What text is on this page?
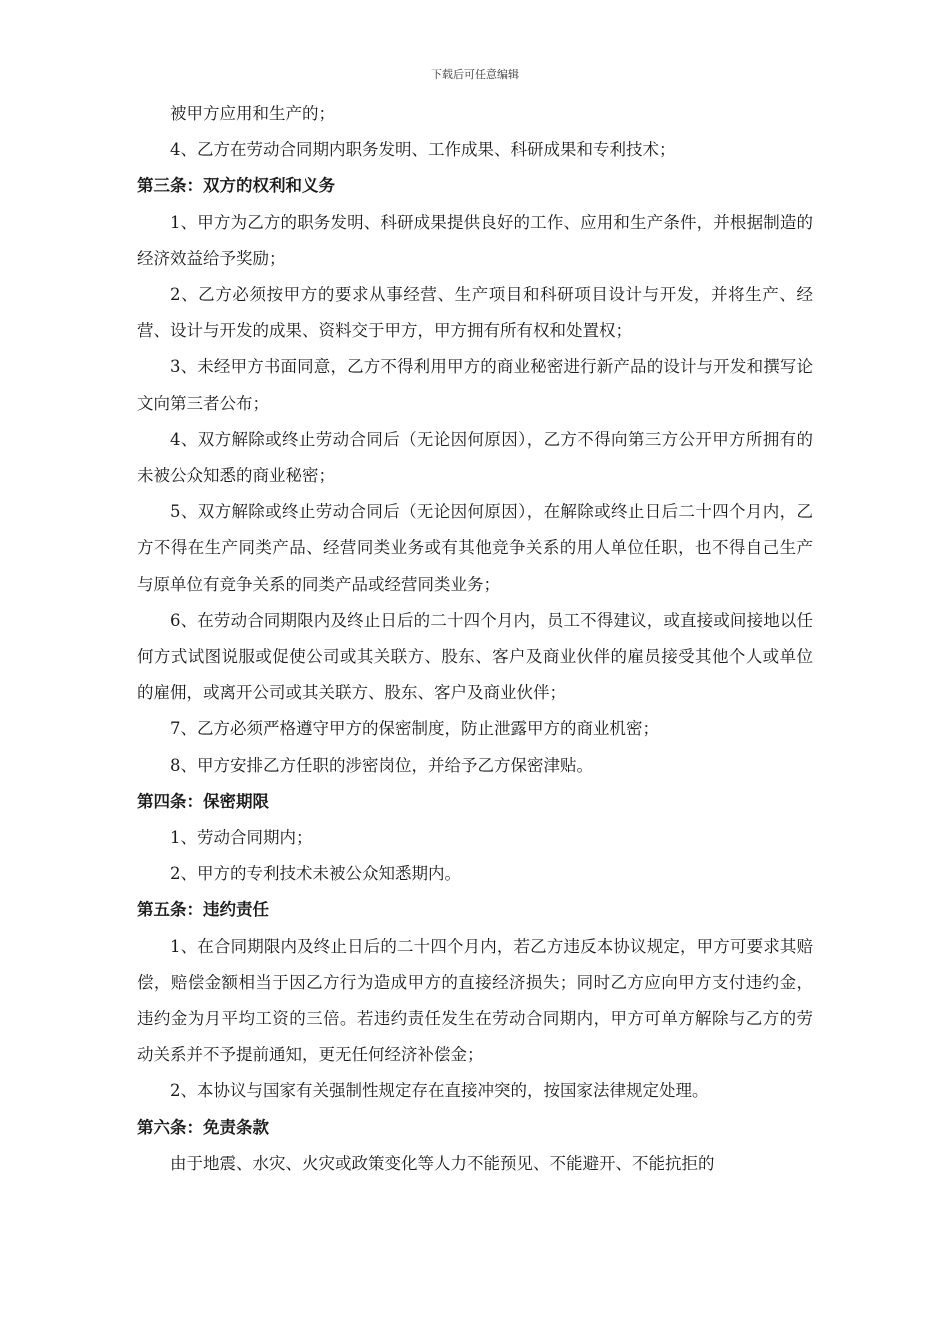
下载后可任意编辑

被甲方应用和生产的；

4、乙方在劳动合同期内职务发明、工作成果、科研成果和专利技术；

第三条：双方的权利和义务

1、甲方为乙方的职务发明、科研成果提供良好的工作、应用和生产条件，并根据制造的经济效益给予奖励；

2、乙方必须按甲方的要求从事经营、生产项目和科研项目设计与开发，并将生产、经营、设计与开发的成果、资料交于甲方，甲方拥有所有权和处置权；

3、未经甲方书面同意，乙方不得利用甲方的商业秘密进行新产品的设计与开发和撰写论文向第三者公布；

4、双方解除或终止劳动合同后（无论因何原因），乙方不得向第三方公开甲方所拥有的未被公众知悉的商业秘密；

5、双方解除或终止劳动合同后（无论因何原因），在解除或终止日后二十四个月内，乙方不得在生产同类产品、经营同类业务或有其他竞争关系的用人单位任职，也不得自己生产与原单位有竞争关系的同类产品或经营同类业务；

6、在劳动合同期限内及终止日后的二十四个月内，员工不得建议，或直接或间接地以任何方式试图说服或促使公司或其关联方、股东、客户及商业伙伴的雇员接受其他个人或单位的雇佣，或离开公司或其关联方、股东、客户及商业伙伴；

7、乙方必须严格遵守甲方的保密制度，防止泄露甲方的商业机密；

8、甲方安排乙方任职的涉密岗位，并给予乙方保密津贴。

第四条：保密期限

1、劳动合同期内；

2、甲方的专利技术未被公众知悉期内。

第五条：违约责任

1、在合同期限内及终止日后的二十四个月内，若乙方违反本协议规定，甲方可要求其赔偿，赔偿金额相当于因乙方行为造成甲方的直接经济损失；同时乙方应向甲方支付违约金，违约金为月平均工资的三倍。若违约责任发生在劳动合同期内，甲方可单方解除与乙方的劳动关系并不予提前通知，更无任何经济补偿金；

2、本协议与国家有关强制性规定存在直接冲突的，按国家法律规定处理。

第六条：免责条款

由于地震、水灾、火灾或政策变化等人力不能预见、不能避开、不能抗拒的
